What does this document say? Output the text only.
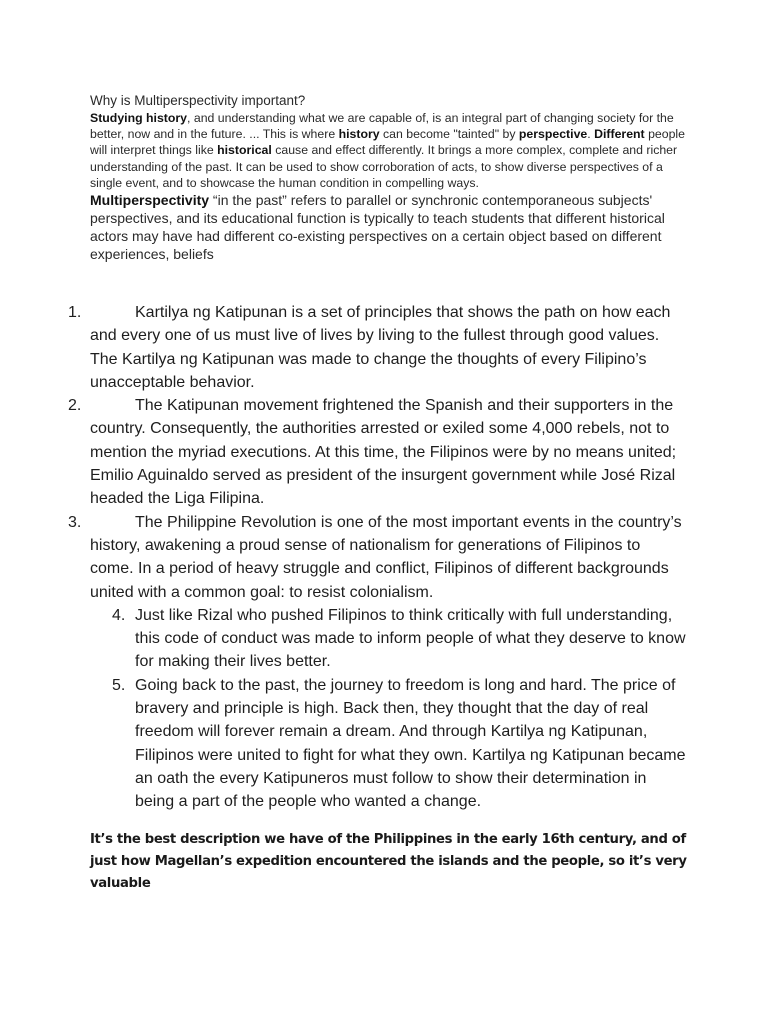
Why is Multiperspectivity important?

Studying history, and understanding what we are capable of, is an integral part of changing society for the better, now and in the future. ... This is where history can become "tainted" by perspective. Different people will interpret things like historical cause and effect differently. It brings a more complex, complete and richer understanding of the past. It can be used to show corroboration of acts, to show diverse perspectives of a single event, and to showcase the human condition in compelling ways.

Multiperspectivity “in the past” refers to parallel or synchronic contemporaneous subjects' perspectives, and its educational function is typically to teach students that different historical actors may have had different co-existing perspectives on a certain object based on different experiences, beliefs

1.	Kartilya ng Katipunan is a set of principles that shows the path on how each and every one of us must live of lives by living to the fullest through good values. The Kartilya ng Katipunan was made to change the thoughts of every Filipino’s unacceptable behavior.
2.	The Katipunan movement frightened the Spanish and their supporters in the country. Consequently, the authorities arrested or exiled some 4,000 rebels, not to mention the myriad executions. At this time, the Filipinos were by no means united; Emilio Aguinaldo served as president of the insurgent government while José Rizal headed the Liga Filipina.
3.	The Philippine Revolution is one of the most important events in the country’s history, awakening a proud sense of nationalism for generations of Filipinos to come. In a period of heavy struggle and conflict, Filipinos of different backgrounds united with a common goal: to resist colonialism.
4. Just like Rizal who pushed Filipinos to think critically with full understanding, this code of conduct was made to inform people of what they deserve to know for making their lives better.
5. Going back to the past, the journey to freedom is long and hard. The price of bravery and principle is high. Back then, they thought that the day of real freedom will forever remain a dream. And through Kartilya ng Katipunan, Filipinos were united to fight for what they own. Kartilya ng Katipunan became an oath the every Katipuneros must follow to show their determination in being a part of the people who wanted a change.
It’s the best description we have of the Philippines in the early 16th century, and of just how Magellan’s expedition encountered the islands and the people, so it’s very valuable
